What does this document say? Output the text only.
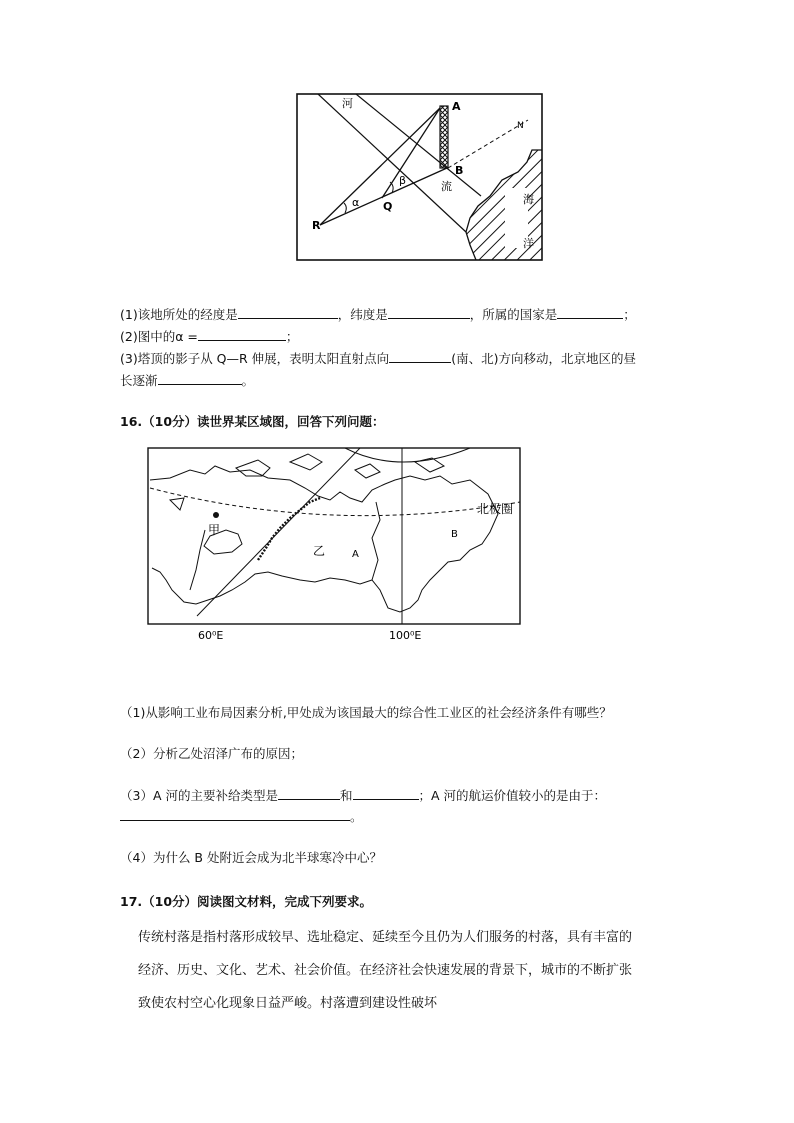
河	A
B
N
流
β
α Q
R
海
洋
(1)该地所处的经度是	，纬度是	，所属的国家是	；
(2)图中的α =	；
(3)塔顶的影子从 Q—R 伸展，表明太阳直射点向	(南、北)方向移动，北京地区的昼
长逐渐	。
16.（10分）读世界某区域图，回答下列问题：
甲
乙	A
B
北极圈
60⁰E	100⁰E
（1)从影响工业布局因素分析,甲处成为该国最大的综合性工业区的社会经济条件有哪些？
（2）分析乙处沼泽广布的原因；
（3）A 河的主要补给类型是	和	；A 河的航运价值较小的是由于：
。
（4）为什么 B 处附近会成为北半球寒冷中心？
17.（10分）阅读图文材料，完成下列要求。
传统村落是指村落形成较早、选址稳定、延续至今且仍为人们服务的村落，具有丰富的
经济、历史、文化、艺术、社会价值。在经济社会快速发展的背景下，城市的不断扩张
致使农村空心化现象日益严峻。村落遭到建设性破坏
